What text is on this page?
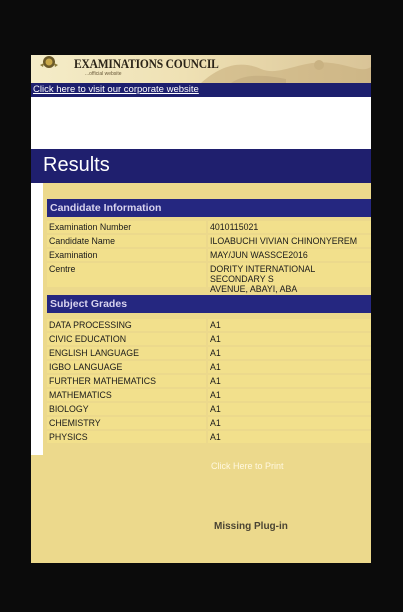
EXAMINATIONS COUNCIL
...official website
Click here to visit our corporate website
Results
Candidate Information
Examination Number	4010115021
Candidate Name	ILOABUCHI VIVIAN CHINONYEREM
Examination	MAY/JUN WASSCE2016
Centre	DORITY INTERNATIONAL SECONDARY S
AVENUE, ABAYI, ABA
Subject Grades
DATA PROCESSING	A1
CIVIC EDUCATION	A1
ENGLISH LANGUAGE	A1
IGBO LANGUAGE	A1
FURTHER MATHEMATICS	A1
MATHEMATICS	A1
BIOLOGY	A1
CHEMISTRY	A1
PHYSICS	A1
Click Here to Print
Missing Plug-in
